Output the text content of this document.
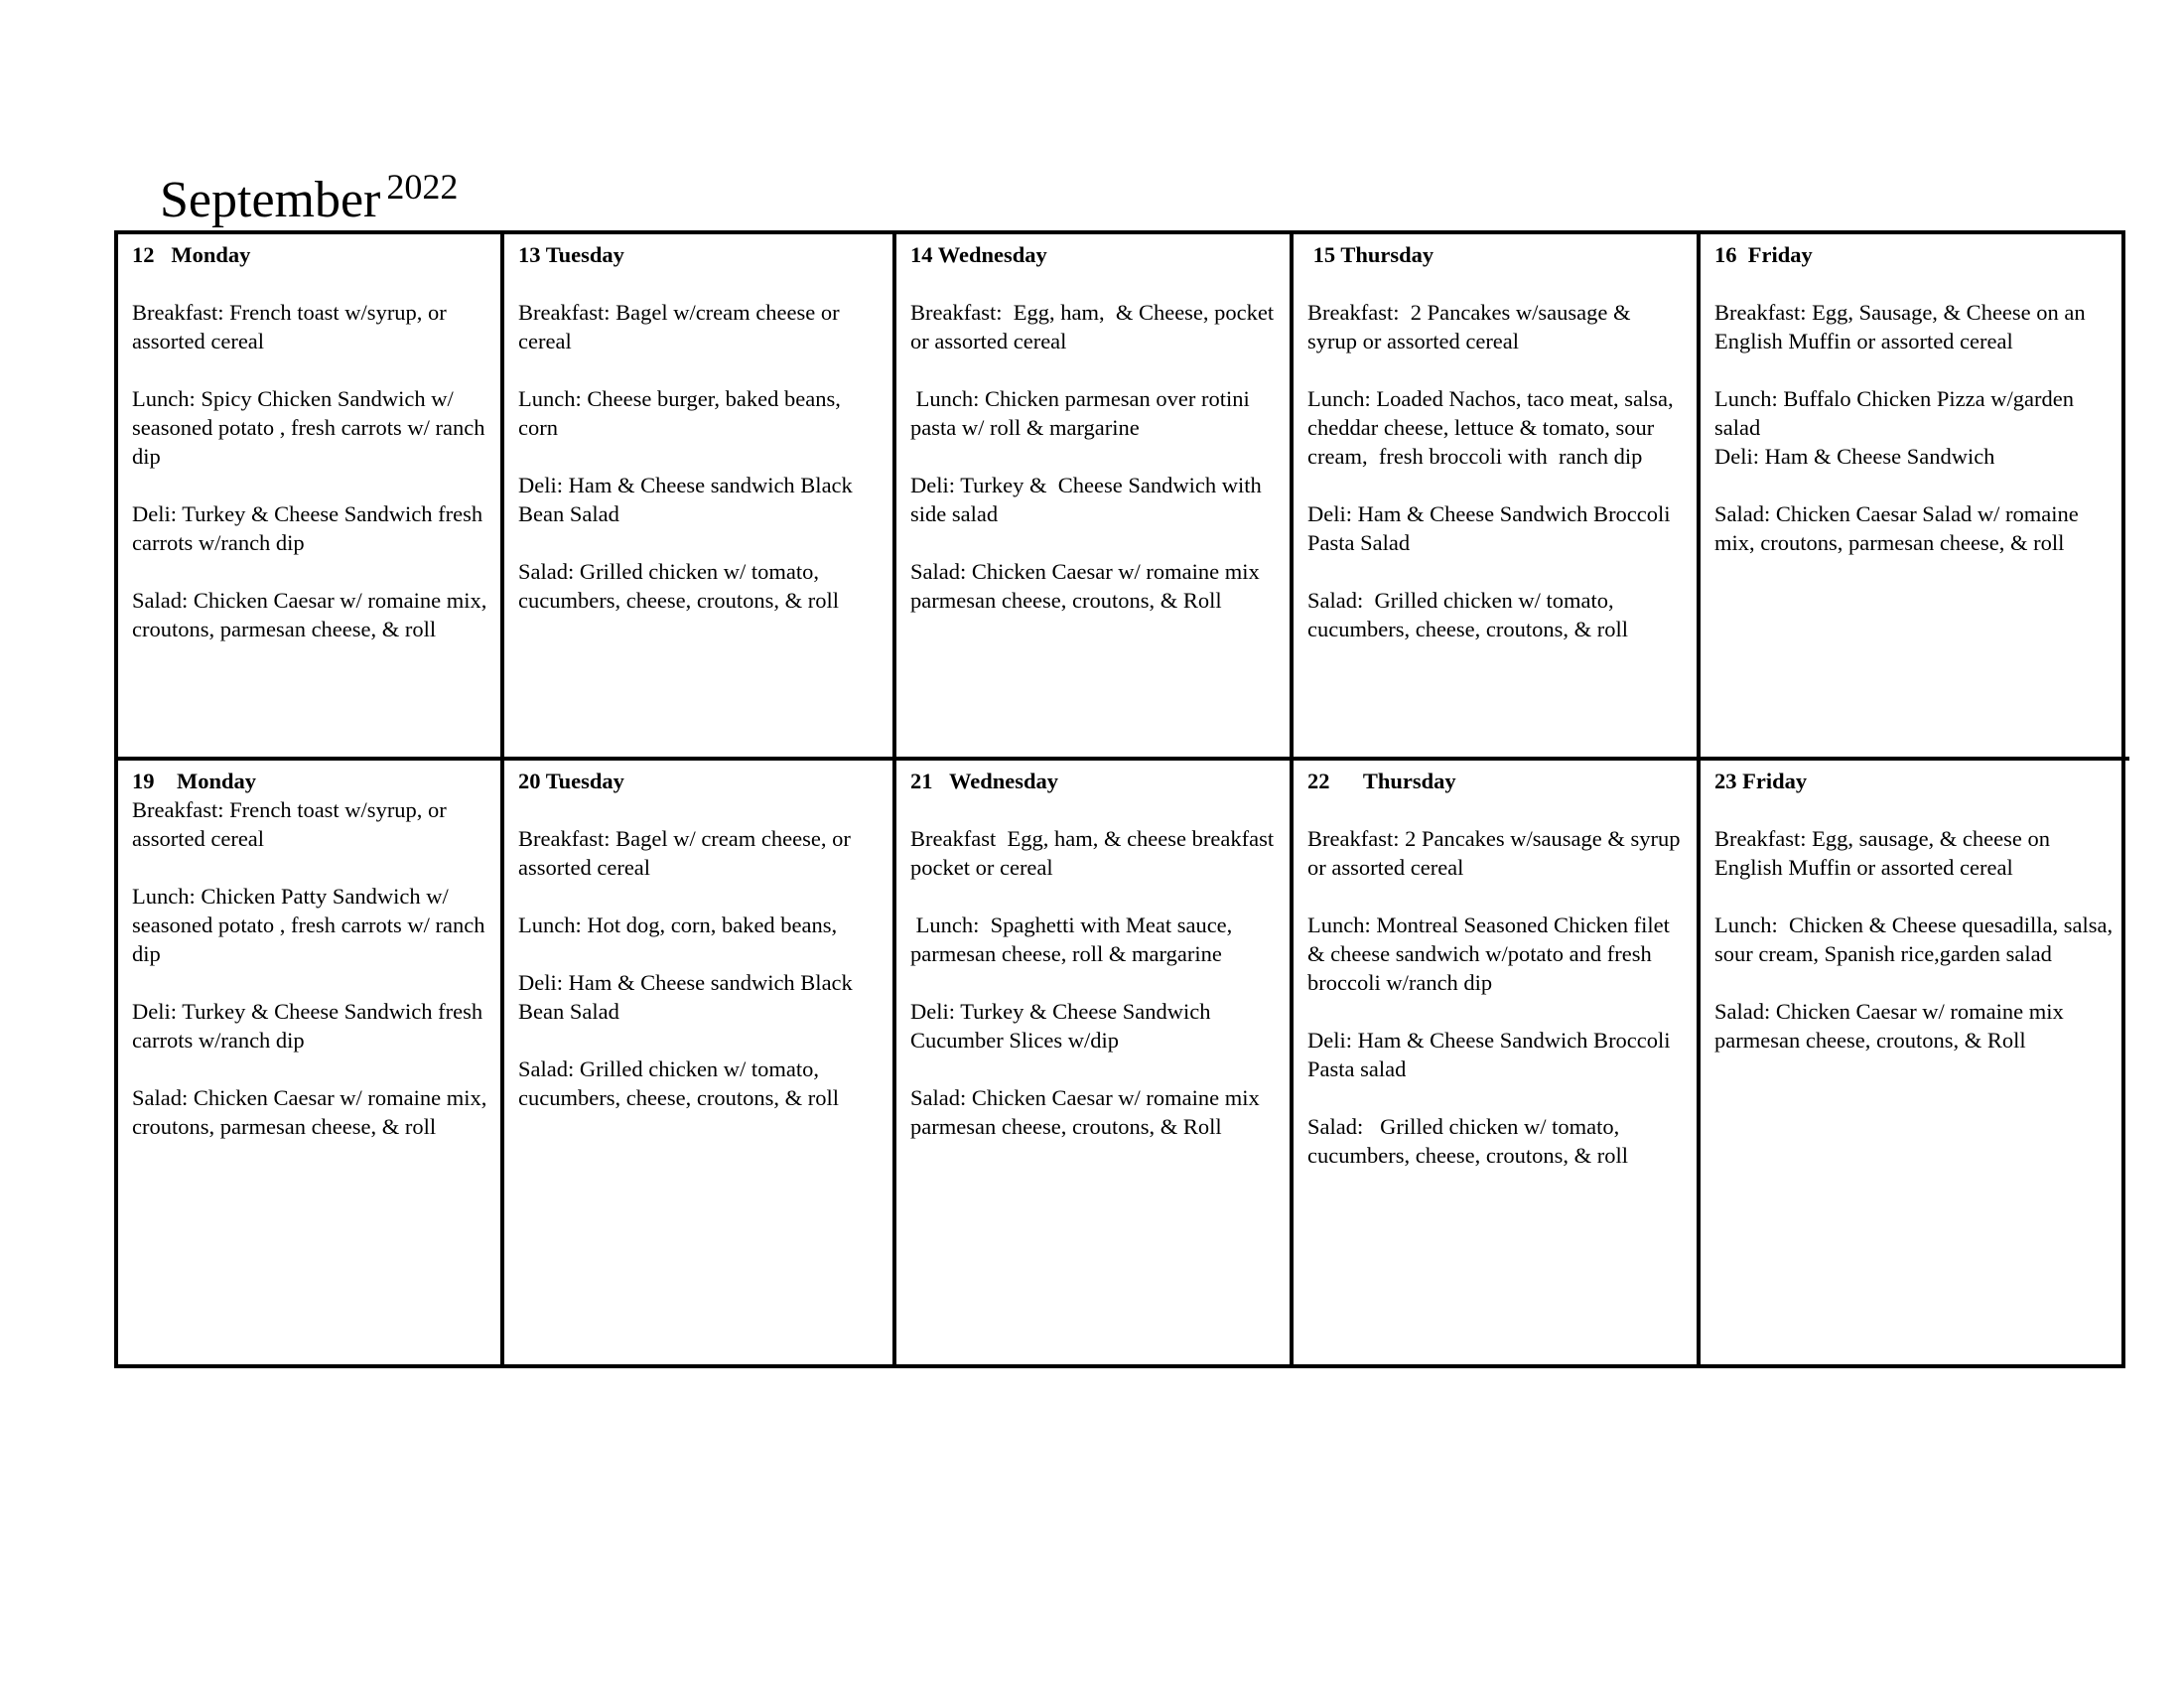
September 2022
12   Monday
Breakfast: French toast w/syrup, or assorted cereal
Lunch: Spicy Chicken Sandwich w/ seasoned potato , fresh carrots w/ ranch dip
Deli: Turkey & Cheese Sandwich fresh carrots w/ranch dip
Salad: Chicken Caesar w/ romaine mix, croutons, parmesan cheese, & roll
13 Tuesday
Breakfast: Bagel w/cream cheese or cereal
Lunch: Cheese burger, baked beans, corn
Deli: Ham & Cheese sandwich Black Bean Salad
Salad: Grilled chicken w/ tomato, cucumbers, cheese, croutons, & roll
14 Wednesday
Breakfast:  Egg, ham,  & Cheese, pocket or assorted cereal
Lunch: Chicken parmesan over rotini  pasta w/ roll & margarine
Deli: Turkey &  Cheese Sandwich with side salad
Salad: Chicken Caesar w/ romaine mix parmesan cheese, croutons, & Roll
15 Thursday
Breakfast:  2 Pancakes w/sausage & syrup or assorted cereal
Lunch: Loaded Nachos, taco meat, salsa, cheddar cheese, lettuce & tomato, sour cream,  fresh broccoli with  ranch dip
Deli: Ham & Cheese Sandwich Broccoli Pasta Salad
Salad:  Grilled chicken w/ tomato, cucumbers, cheese, croutons, & roll
16  Friday
Breakfast: Egg, Sausage, & Cheese on an English Muffin or assorted cereal
Lunch: Buffalo Chicken Pizza w/garden salad
Deli: Ham & Cheese Sandwich
Salad: Chicken Caesar Salad w/ romaine mix, croutons, parmesan cheese, & roll
19    Monday
Breakfast: French toast w/syrup, or assorted cereal
Lunch: Chicken Patty Sandwich w/ seasoned potato , fresh carrots w/ ranch dip
Deli: Turkey & Cheese Sandwich fresh carrots w/ranch dip
Salad: Chicken Caesar w/ romaine mix, croutons, parmesan cheese, & roll
20 Tuesday
Breakfast: Bagel w/ cream cheese, or assorted cereal
Lunch: Hot dog, corn, baked beans,
Deli: Ham & Cheese sandwich Black Bean Salad
Salad: Grilled chicken w/ tomato, cucumbers, cheese, croutons, & roll
21   Wednesday
Breakfast  Egg, ham, & cheese breakfast pocket or cereal
Lunch:  Spaghetti with Meat sauce, parmesan cheese, roll & margarine
Deli: Turkey & Cheese Sandwich Cucumber Slices w/dip
Salad: Chicken Caesar w/ romaine mix parmesan cheese, croutons, & Roll
22      Thursday
Breakfast: 2 Pancakes w/sausage & syrup or assorted cereal
Lunch: Montreal Seasoned Chicken filet & cheese sandwich w/potato and fresh broccoli w/ranch dip
Deli: Ham & Cheese Sandwich Broccoli Pasta salad
Salad:   Grilled chicken w/ tomato, cucumbers, cheese, croutons, & roll
23 Friday
Breakfast: Egg, sausage, & cheese on English Muffin or assorted cereal
Lunch:  Chicken & Cheese quesadilla, salsa, sour cream, Spanish rice,garden salad
Salad: Chicken Caesar w/ romaine mix parmesan cheese, croutons, & Roll
